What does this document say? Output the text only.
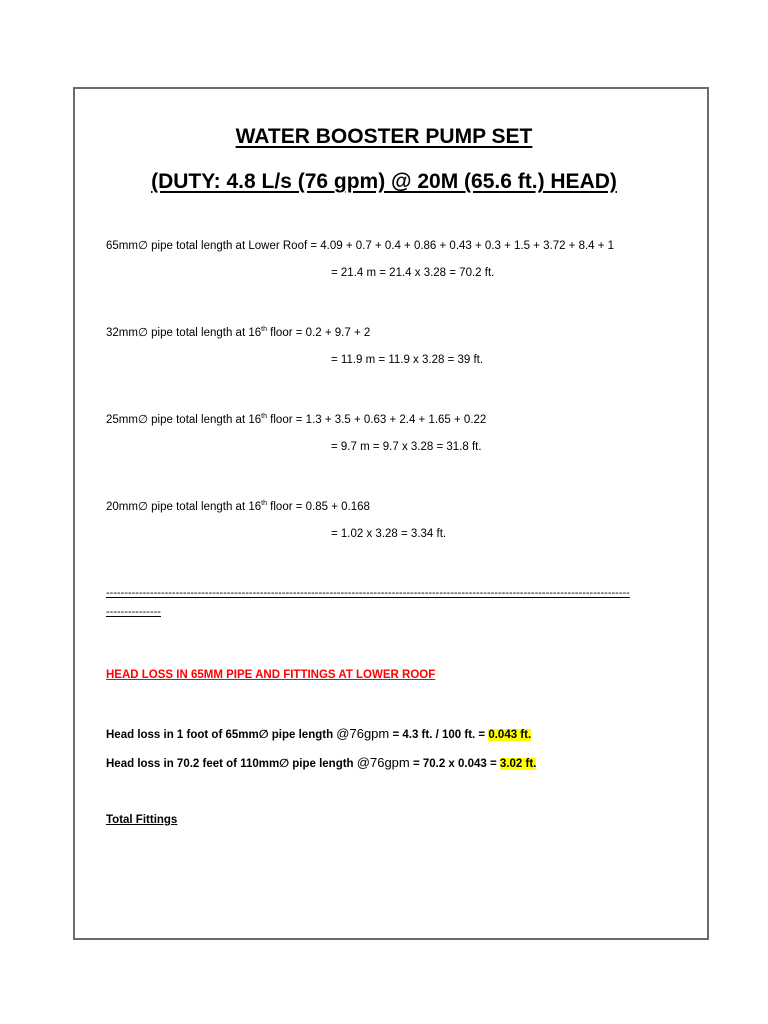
WATER BOOSTER PUMP SET
(DUTY: 4.8 L/s (76 gpm) @ 20M (65.6 ft.) HEAD)
65mm∅ pipe total length at Lower Roof = 4.09 + 0.7 + 0.4 + 0.86 + 0.43 + 0.3 + 1.5 + 3.72 + 8.4 + 1
= 21.4 m = 21.4 x 3.28 = 70.2 ft.
32mm∅ pipe total length at 16th floor = 0.2 + 9.7 + 2
= 11.9 m = 11.9 x 3.28 = 39 ft.
25mm∅ pipe total length at 16th floor = 1.3 + 3.5 + 0.63 + 2.4 + 1.65 + 0.22
= 9.7 m = 9.7 x 3.28 = 31.8 ft.
20mm∅ pipe total length at 16th floor = 0.85 + 0.168
= 1.02 x 3.28 = 3.34 ft.
-----------------------------------------------------------------------------------------------------------------------------------------------
---------------
HEAD LOSS IN 65MM PIPE AND FITTINGS AT LOWER ROOF
Head loss in 1 foot of 65mm∅ pipe length @76gpm = 4.3 ft. / 100 ft. = 0.043 ft.
Head loss in 70.2 feet of 110mm∅ pipe length @76gpm = 70.2 x 0.043 = 3.02 ft.
Total Fittings
